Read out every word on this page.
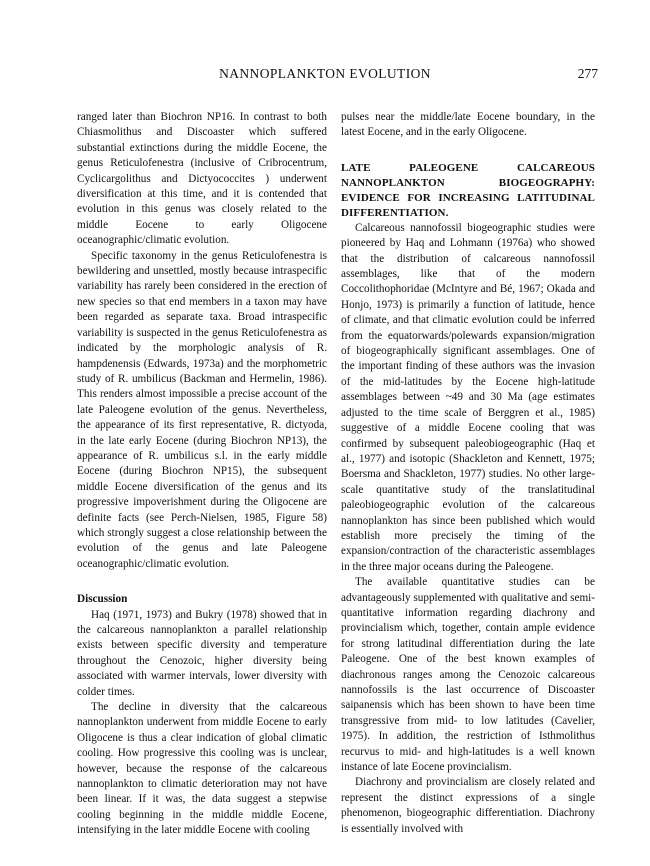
NANNOPLANKTON EVOLUTION	277

ranged later than Biochron NP16. In contrast to both Chiasmolithus and Discoaster which suffered substantial extinctions during the middle Eocene, the genus Reticulofenestra (inclusive of Cribrocentrum, Cyclicargolithus and Dictyococcites ) underwent diversification at this time, and it is contended that evolution in this genus was closely related to the middle Eocene to early Oligocene oceanographic/climatic evolution.

Specific taxonomy in the genus Reticulofenestra is bewildering and unsettled, mostly because intraspecific variability has rarely been considered in the erection of new species so that end members in a taxon may have been regarded as separate taxa. Broad intraspecific variability is suspected in the genus Reticulofenestra as indicated by the morphologic analysis of R. hampdenensis (Edwards, 1973a) and the morphometric study of R. umbilicus (Backman and Hermelin, 1986). This renders almost impossible a precise account of the late Paleogene evolution of the genus. Nevertheless, the appearance of its first representative, R. dictyoda, in the late early Eocene (during Biochron NP13), the appearance of R. umbilicus s.l. in the early middle Eocene (during Biochron NP15), the subsequent middle Eocene diversification of the genus and its progressive impoverishment during the Oligocene are definite facts (see Perch-Nielsen, 1985, Figure 58) which strongly suggest a close relationship between the evolution of the genus and late Paleogene oceanographic/climatic evolution.

Discussion

Haq (1971, 1973) and Bukry (1978) showed that in the calcareous nannoplankton a parallel relationship exists between specific diversity and temperature throughout the Cenozoic, higher diversity being associated with warmer intervals, lower diversity with colder times.

The decline in diversity that the calcareous nannoplankton underwent from middle Eocene to early Oligocene is thus a clear indication of global climatic cooling. How progressive this cooling was is unclear, however, because the response of the calcareous nannoplankton to climatic deterioration may not have been linear. If it was, the data suggest a stepwise cooling beginning in the middle middle Eocene, intensifying in the later middle Eocene with cooling

pulses near the middle/late Eocene boundary, in the latest Eocene, and in the early Oligocene.

LATE PALEOGENE CALCAREOUS NANNOPLANKTON BIOGEOGRAPHY: EVIDENCE FOR INCREASING LATITUDINAL DIFFERENTIATION.

Calcareous nannofossil biogeographic studies were pioneered by Haq and Lohmann (1976a) who showed that the distribution of calcareous nannofossil assemblages, like that of the modern Coccolithophoridae (McIntyre and Bé, 1967; Okada and Honjo, 1973) is primarily a function of latitude, hence of climate, and that climatic evolution could be inferred from the equatorwards/polewards expansion/migration of biogeographically significant assemblages. One of the important finding of these authors was the invasion of the mid-latitudes by the Eocene high-latitude assemblages between ~49 and 30 Ma (age estimates adjusted to the time scale of Berggren et al., 1985) suggestive of a middle Eocene cooling that was confirmed by subsequent paleobiogeographic (Haq et al., 1977) and isotopic (Shackleton and Kennett, 1975; Boersma and Shackleton, 1977) studies. No other large-scale quantitative study of the translatitudinal paleobiogeographic evolution of the calcareous nannoplankton has since been published which would establish more precisely the timing of the expansion/contraction of the characteristic assemblages in the three major oceans during the Paleogene.

The available quantitative studies can be advantageously supplemented with qualitative and semi-quantitative information regarding diachrony and provincialism which, together, contain ample evidence for strong latitudinal differentiation during the late Paleogene. One of the best known examples of diachronous ranges among the Cenozoic calcareous nannofossils is the last occurrence of Discoaster saipanensis which has been shown to have been time transgressive from mid- to low latitudes (Cavelier, 1975). In addition, the restriction of Isthmolithus recurvus to mid- and high-latitudes is a well known instance of late Eocene provincialism.

Diachrony and provincialism are closely related and represent the distinct expressions of a single phenomenon, biogeographic differentiation. Diachrony is essentially involved with
